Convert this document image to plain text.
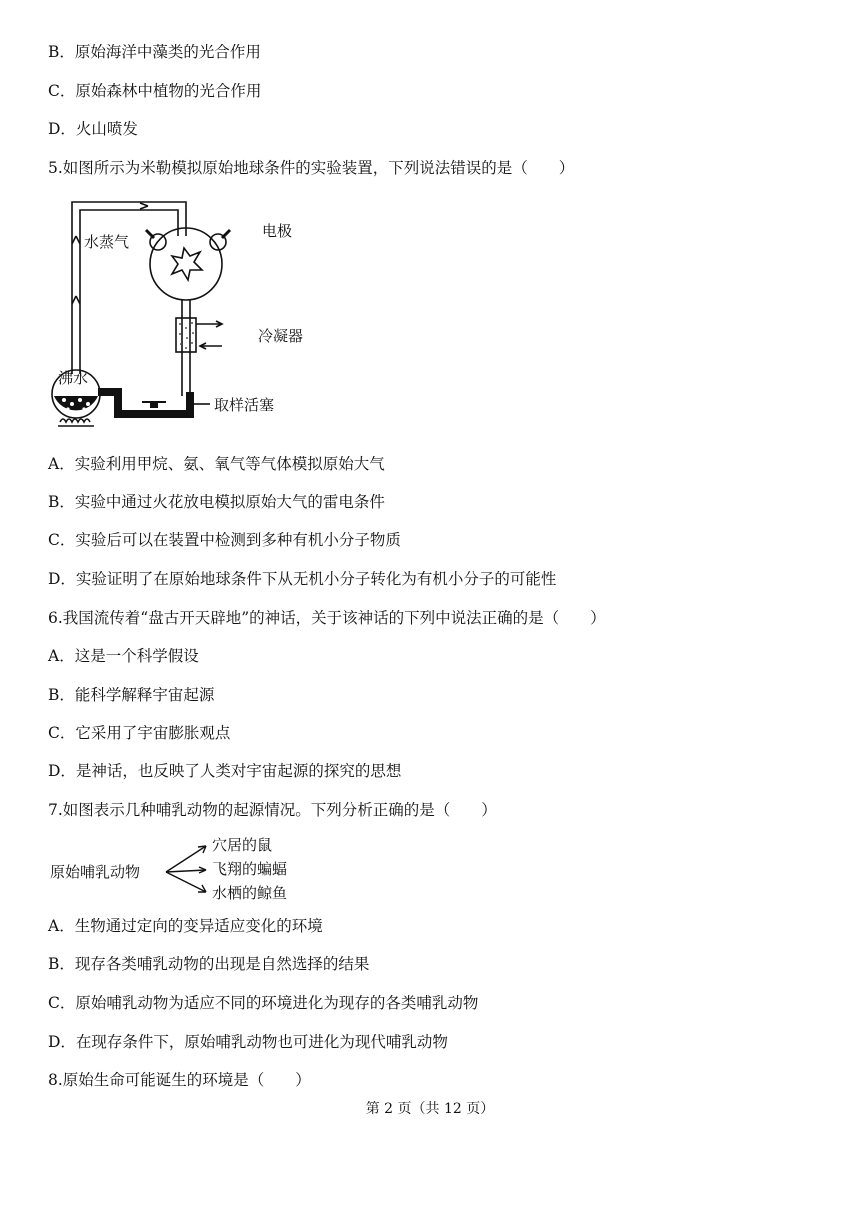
B．原始海洋中藻类的光合作用
C．原始森林中植物的光合作用
D．火山喷发
5.如图所示为米勒模拟原始地球条件的实验装置，下列说法错误的是（　　）
水蒸气
电极
冷凝器
沸水
取样活塞
A．实验利用甲烷、氨、氧气等气体模拟原始大气
B．实验中通过火花放电模拟原始大气的雷电条件
C．实验后可以在装置中检测到多种有机小分子物质
D．实验证明了在原始地球条件下从无机小分子转化为有机小分子的可能性
6.我国流传着“盘古开天辟地”的神话，关于该神话的下列中说法正确的是（　　）
A．这是一个科学假设
B．能科学解释宇宙起源
C．它采用了宇宙膨胀观点
D．是神话，也反映了人类对宇宙起源的探究的思想
7.如图表示几种哺乳动物的起源情况。下列分析正确的是（　　）
原始哺乳动物
穴居的鼠
飞翔的蝙蝠
水栖的鲸鱼
A．生物通过定向的变异适应变化的环境
B．现存各类哺乳动物的出现是自然选择的结果
C．原始哺乳动物为适应不同的环境进化为现存的各类哺乳动物
D．在现存条件下，原始哺乳动物也可进化为现代哺乳动物
8.原始生命可能诞生的环境是（　　）
第 2 页（共 12 页）
